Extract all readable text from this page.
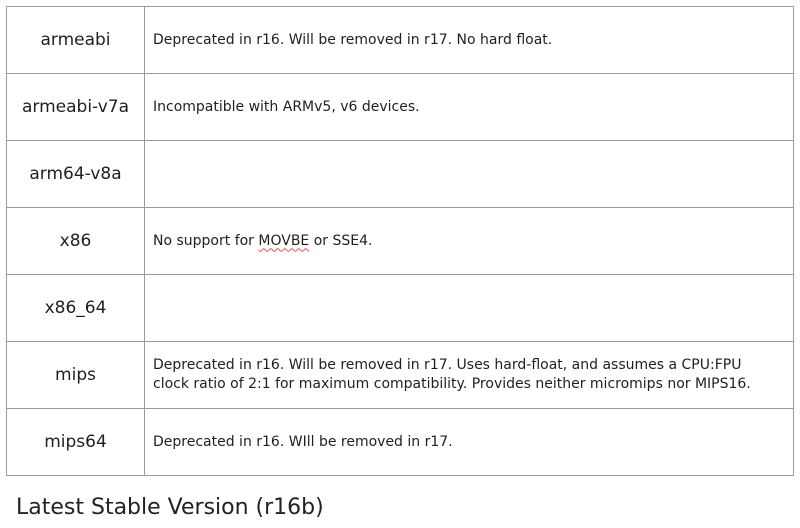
armeabi	Deprecated in r16. Will be removed in r17. No hard float.
armeabi-v7a	Incompatible with ARMv5, v6 devices.
arm64-v8a	
x86	No support for MOVBE or SSE4.
x86_64	
mips	Deprecated in r16. Will be removed in r17. Uses hard-float, and assumes a CPU:FPU clock ratio of 2:1 for maximum compatibility. Provides neither micromips nor MIPS16.
mips64	Deprecated in r16. WIll be removed in r17.
Latest Stable Version (r16b)
